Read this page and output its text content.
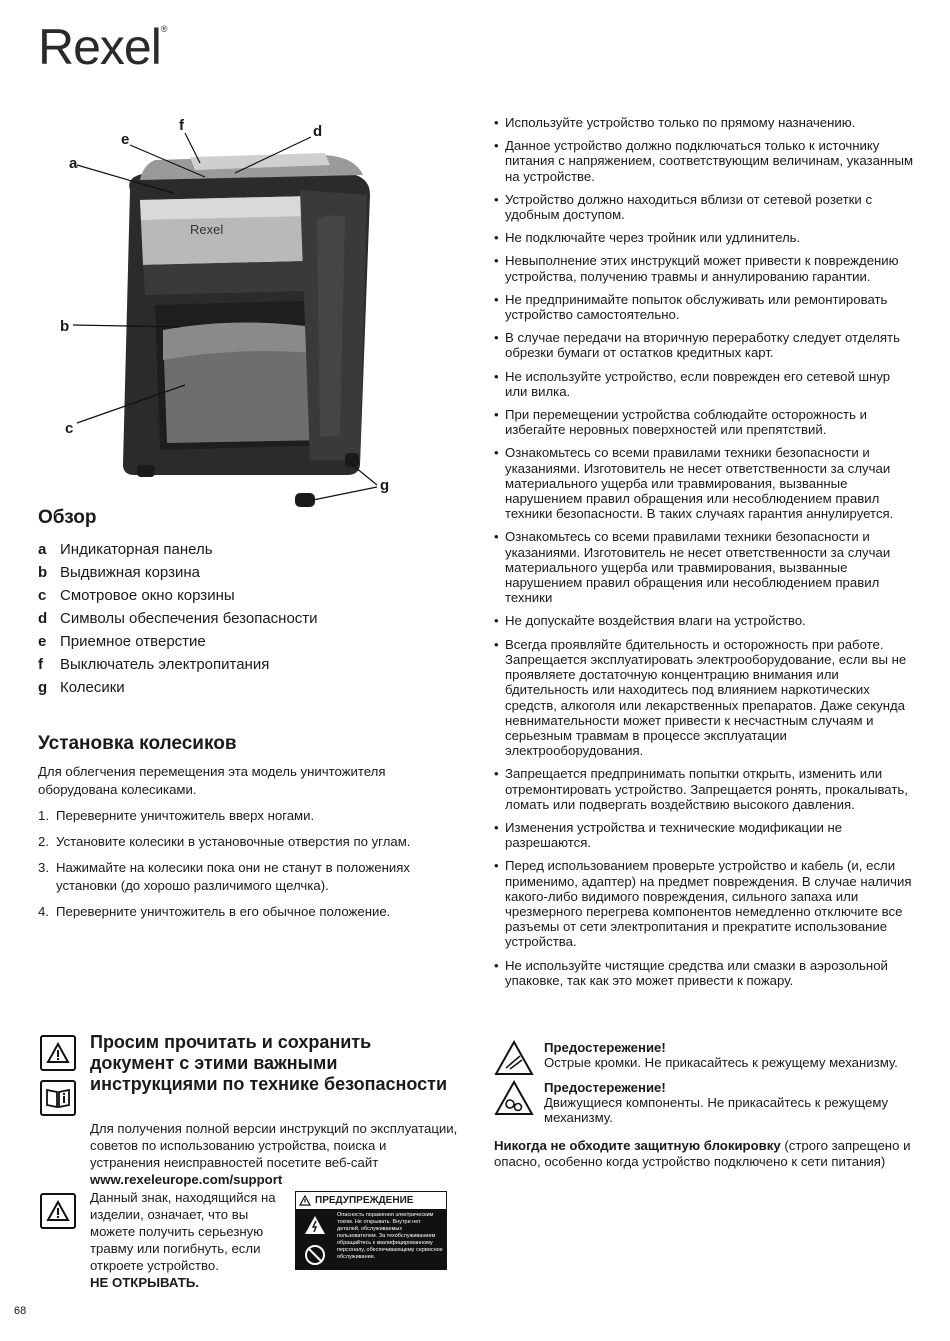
Rexel®
a
e
f	d
b
c
g
Rexel
Обзор
a Индикаторная панель
b Выдвижная корзина
c Смотровое окно корзины
d Символы обеспечения безопасности
e Приемное отверстие
f	Выключатель электропитания
g Колесики
Установка колесиков

Для облегчения перемещения эта модель уничтожителя оборудована колесиками.

1. Переверните уничтожитель вверх ногами.
2. Установите колесики в установочные отверстия по углам.
3. Нажимайте на колесики пока они не станут в положениях установки (до хорошо различимого щелчка).
4. Переверните уничтожитель в его обычное положение.
Просим прочитать и сохранить документ с этими важными инструкциями по технике безопасности
Для получения полной версии инструкций по эксплуатации, советов по использованию устройства, поиска и устранения неисправностей посетите веб-сайт www.rexeleurope.com/support
Данный знак, находящийся на изделии, означает, что вы можете получить серьезную травму или погибнуть, если откроете устройство.
НЕ ОТКРЫВАТЬ.
ПРЕДУПРЕЖДЕНИЕ
Опасность поражения электрическим током. Не открывать. Внутри нет деталей, обслуживаемых пользователем. За техобслуживанием обращайтесь к квалифицированному персоналу, обеспечивающему сервисное обслуживание.
• Используйте устройство только по прямому назначению.
• Данное устройство должно подключаться только к источнику питания с напряжением, соответствующим величинам, указанным на устройстве.
• Устройство должно находиться вблизи от сетевой розетки с удобным доступом.
• Не подключайте через тройник или удлинитель.
• Невыполнение этих инструкций может привести к повреждению устройства, получению травмы и аннулированию гарантии.
• Не предпринимайте попыток обслуживать или ремонтировать устройство самостоятельно.
• В случае передачи на вторичную переработку следует отделять обрезки бумаги от остатков кредитных карт.
• Не используйте устройство, если поврежден его сетевой шнур или вилка.
• При перемещении устройства соблюдайте осторожность и избегайте неровных поверхностей или препятствий.
• Ознакомьтесь со всеми правилами техники безопасности и указаниями. Изготовитель не несет ответственности за случаи материального ущерба или травмирования, вызванные нарушением правил обращения или несоблюдением правил техники безопасности. В таких случаях гарантия аннулируется.
• Ознакомьтесь со всеми правилами техники безопасности и указаниями. Изготовитель не несет ответственности за случаи материального ущерба или травмирования, вызванные нарушением правил обращения или несоблюдением правил техники
• Не допускайте воздействия влаги на устройство.
• Всегда проявляйте бдительность и осторожность при работе. Запрещается эксплуатировать электрооборудование, если вы не проявляете достаточную концентрацию внимания или бдительность или находитесь под влиянием наркотических средств, алкоголя или лекарственных препаратов. Даже секунда невнимательности может привести к несчастным случаям и серьезным травмам в процессе эксплуатации электрооборудования.
• Запрещается предпринимать попытки открыть, изменить или отремонтировать устройство. Запрещается ронять, прокалывать, ломать или подвергать воздействию высокого давления.
• Изменения устройства и технические модификации не разрешаются.
• Перед использованием проверьте устройство и кабель (и, если применимо, адаптер) на предмет повреждения. В случае наличия какого-либо видимого повреждения, сильного запаха или чрезмерного перегрева компонентов немедленно отключите все разъемы от сети электропитания и прекратите использование устройства.
• Не используйте чистящие средства или смазки в аэрозольной упаковке, так как это может привести к пожару.
Предостережение!
Острые кромки. Не прикасайтесь к режущему механизму.
Предостережение!
Движущиеся компоненты. Не прикасайтесь к режущему механизму.
Никогда не обходите защитную блокировку (строго запрещено и опасно, особенно когда устройство подключено к сети питания)
68
